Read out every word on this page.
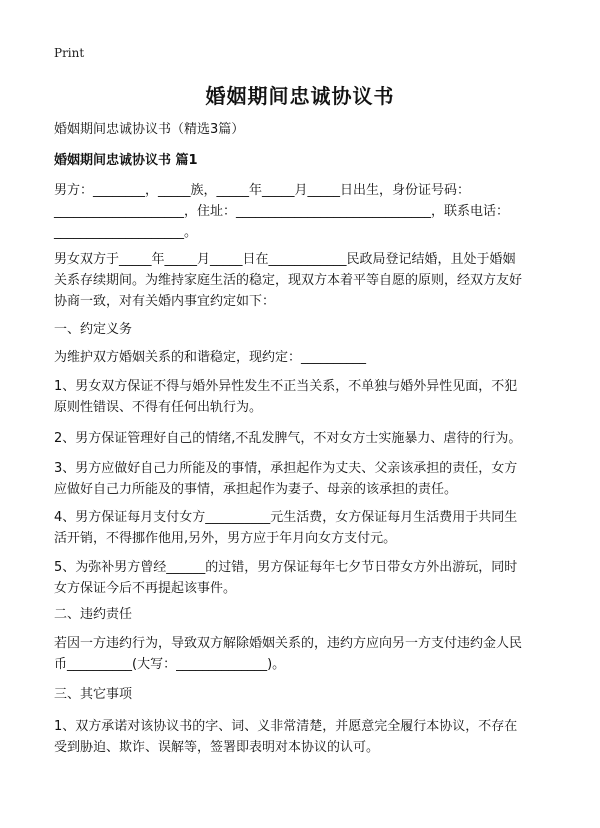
Print
婚姻期间忠诚协议书
婚姻期间忠诚协议书（精选3篇）
婚姻期间忠诚协议书 篇1
男方：________，_____族，_____年_____月_____日出生，身份证号码：
____________________，住址：______________________________，联系电话：
____________________。
男女双方于_____年_____月_____日在____________民政局登记结婚，且处于婚姻
关系存续期间。为维持家庭生活的稳定，现双方本着平等自愿的原则，经双方友好
协商一致，对有关婚内事宜约定如下：
一、约定义务
为维护双方婚姻关系的和谐稳定，现约定：__________
1、男女双方保证不得与婚外异性发生不正当关系，不单独与婚外异性见面，不犯
原则性错误、不得有任何出轨行为。
2、男方保证管理好自己的情绪,不乱发脾气，不对女方士实施暴力、虐待的行为。
3、男方应做好自己力所能及的事情，承担起作为丈夫、父亲该承担的责任，女方
应做好自己力所能及的事情，承担起作为妻子、母亲的该承担的责任。
4、男方保证每月支付女方__________元生活费，女方保证每月生活费用于共同生
活开销，不得挪作他用,另外，男方应于年月向女方支付元。
5、为弥补男方曾经______的过错，男方保证每年七夕节日带女方外出游玩，同时
女方保证今后不再提起该事件。
二、违约责任
若因一方违约行为，导致双方解除婚姻关系的，违约方应向另一方支付违约金人民
币__________(大写：______________)。
三、其它事项
1、双方承诺对该协议书的字、词、义非常清楚，并愿意完全履行本协议，不存在
受到胁迫、欺诈、误解等，签署即表明对本协议的认可。
